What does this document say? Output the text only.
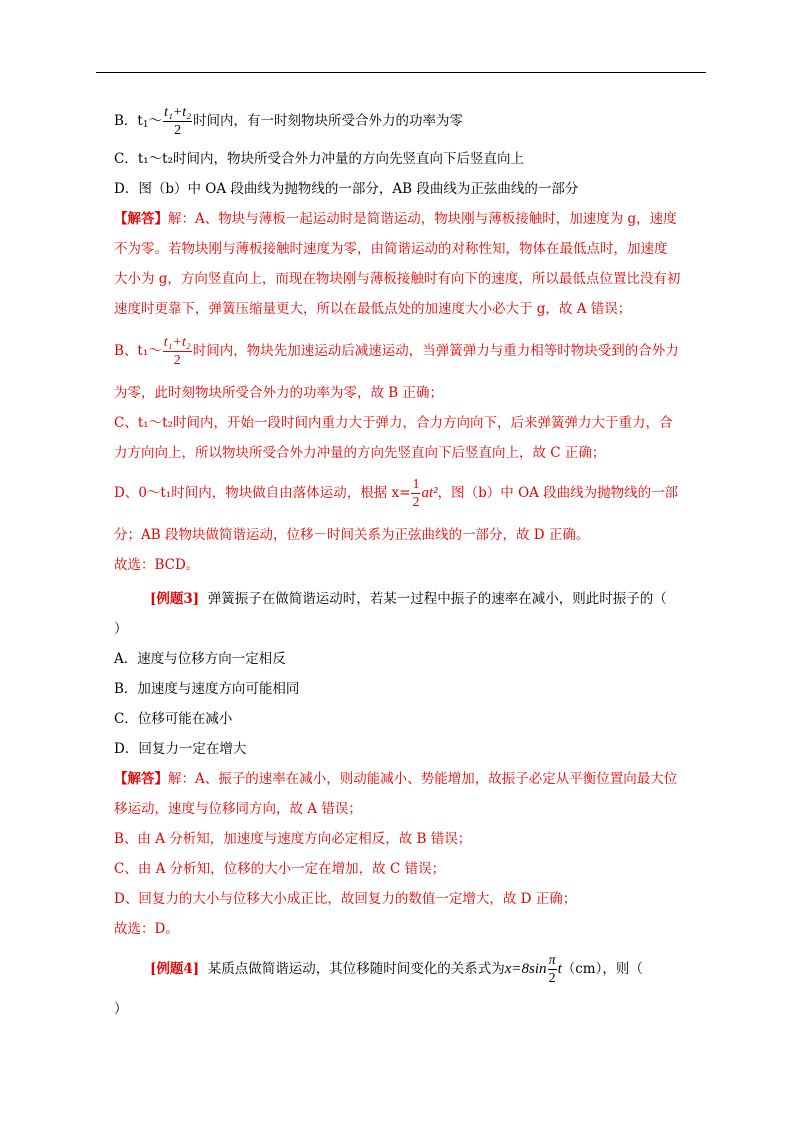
B．$t_1\sim \frac{\text{t₁+t₂}}{2}$ 时间内，有一时刻物块所受合外力的功率为零
C．t₁～t₂时间内，物块所受合外力冲量的方向先竖直向下后竖直向上
D．图（b）中 OA 段曲线为抛物线的一部分，AB 段曲线为正弦曲线的一部分
【解答】解：A、物块与薄板一起运动时是简谐运动，物块刚与薄板接触时，加速度为 g，速度
不为零。若物块刚与薄板接触时速度为零，由简谐运动的对称性知，物体在最低点时，加速度
大小为 g，方向竖直向上，而现在物块刚与薄板接触时有向下的速度，所以最低点位置比没有初
速度时更靠下，弹簧压缩量更大，所以在最低点处的加速度大小必大于 g，故 A 错误；
B、t₁～ $\frac{\text{t₁+t₂}}{2}$ 时间内，物块先加速运动后减速运动，当弹簧弹力与重力相等时物块受到的合外力
为零，此时刻物块所受合外力的功率为零，故 B 正确；
C、t₁～t₂时间内，开始一段时间内重力大于弹力，合力方向向下，后来弹簧弹力大于重力，合
力方向向上，所以物块所受合外力冲量的方向先竖直向下后竖直向上，故 C 正确；
D、0～t₁时间内，物块做自由落体运动，根据 $x= \frac{1}{2} at^2$，图（b）中 OA 段曲线为抛物线的一部
分；AB 段物块做简谐运动，位移－时间关系为正弦曲线的一部分，故 D 正确。
故选：BCD。
[例题3] 弹簧振子在做简谐运动时，若某一过程中振子的速率在减小，则此时振子的（
）
A．速度与位移方向一定相反
B．加速度与速度方向可能相同
C．位移可能在减小
D．回复力一定在增大
【解答】解：A、振子的速率在减小，则动能减小、势能增加，故振子必定从平衡位置向最大位
移运动，速度与位移同方向，故 A 错误；
B、由 A 分析知，加速度与速度方向必定相反，故 B 错误；
C、由 A 分析知，位移的大小一定在增加，故 C 错误；
D、回复力的大小与位移大小成正比，故回复力的数值一定增大，故 D 正确；
故选：D。
[例题4] 某质点做简谐运动，其位移随时间变化的关系式为$x=8\sin \frac{\pi}{2} t(cm)$，则（
）
